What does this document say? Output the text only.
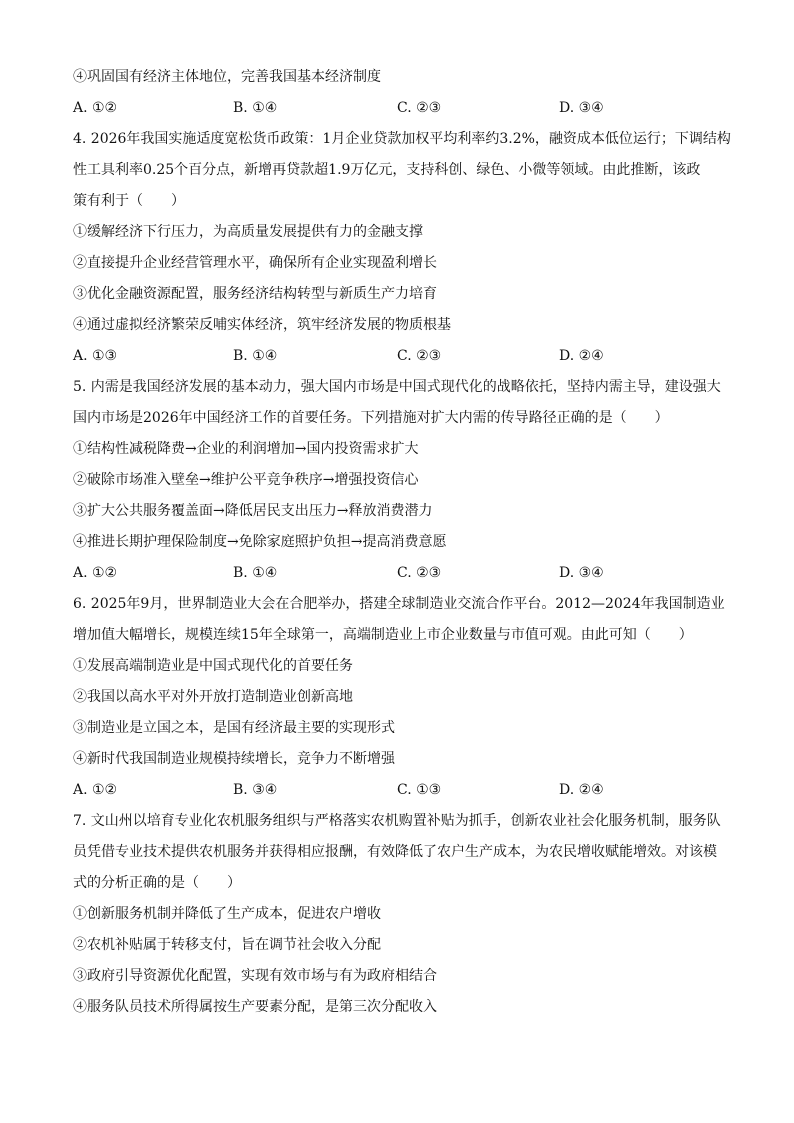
④巩固国有经济主体地位，完善我国基本经济制度
A. ①②	B. ①④	C. ②③	D. ③④
4. 2026年我国实施适度宽松货币政策：1月企业贷款加权平均利率约3.2%，融资成本低位运行；下调结构
性工具利率0.25个百分点，新增再贷款超1.9万亿元，支持科创、绿色、小微等领域。由此推断，该政
策有利于（　　）
①缓解经济下行压力，为高质量发展提供有力的金融支撑
②直接提升企业经营管理水平，确保所有企业实现盈利增长
③优化金融资源配置，服务经济结构转型与新质生产力培育
④通过虚拟经济繁荣反哺实体经济，筑牢经济发展的物质根基
A. ①③	B. ①④	C. ②③	D. ②④
5. 内需是我国经济发展的基本动力，强大国内市场是中国式现代化的战略依托，坚持内需主导，建设强大
国内市场是2026年中国经济工作的首要任务。下列措施对扩大内需的传导路径正确的是（　　）
①结构性减税降费→企业的利润增加→国内投资需求扩大
②破除市场准入壁垒→维护公平竞争秩序→增强投资信心
③扩大公共服务覆盖面→降低居民支出压力→释放消费潜力
④推进长期护理保险制度→免除家庭照护负担→提高消费意愿
A. ①②	B. ①④	C. ②③	D. ③④
6. 2025年9月，世界制造业大会在合肥举办，搭建全球制造业交流合作平台。2012—2024年我国制造业
增加值大幅增长，规模连续15年全球第一，高端制造业上市企业数量与市值可观。由此可知（　　）
①发展高端制造业是中国式现代化的首要任务
②我国以高水平对外开放打造制造业创新高地
③制造业是立国之本，是国有经济最主要的实现形式
④新时代我国制造业规模持续增长，竞争力不断增强
A. ①②	B. ③④	C. ①③	D. ②④
7. 文山州以培育专业化农机服务组织与严格落实农机购置补贴为抓手，创新农业社会化服务机制，服务队
员凭借专业技术提供农机服务并获得相应报酬，有效降低了农户生产成本，为农民增收赋能增效。对该模
式的分析正确的是（　　）
①创新服务机制并降低了生产成本，促进农户增收
②农机补贴属于转移支付，旨在调节社会收入分配
③政府引导资源优化配置，实现有效市场与有为政府相结合
④服务队员技术所得属按生产要素分配，是第三次分配收入
